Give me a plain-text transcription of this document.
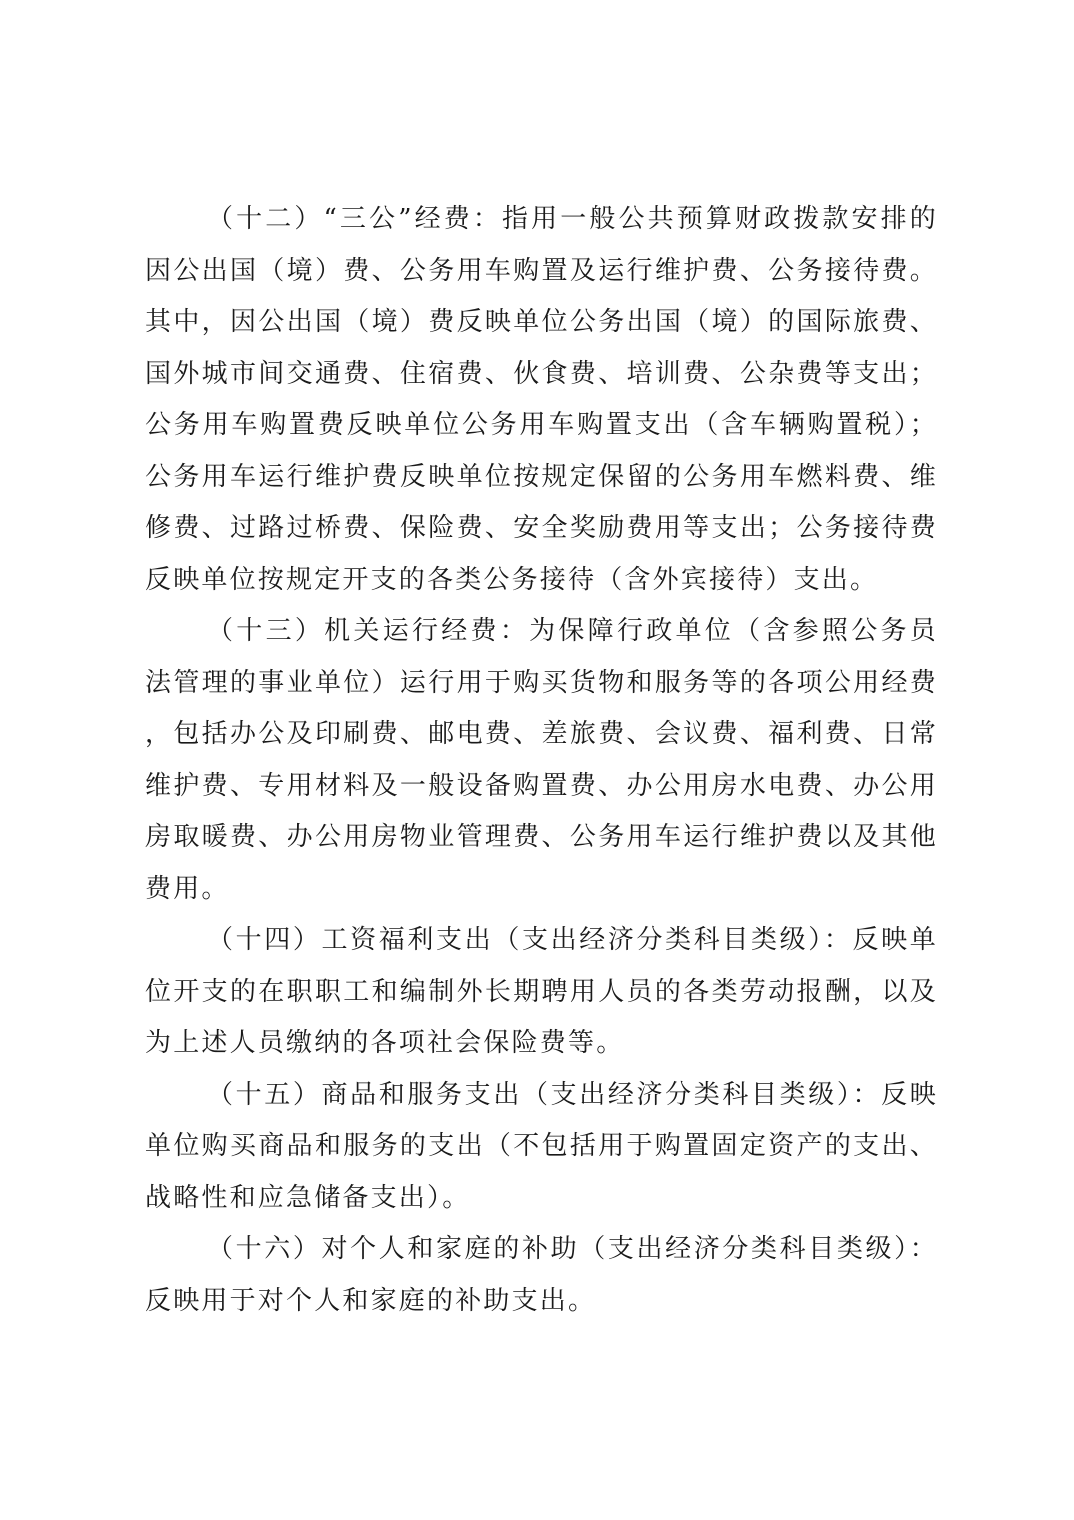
（十二）“三公”经费：指用一般公共预算财政拨款安排的因公出国（境）费、公务用车购置及运行维护费、公务接待费。其中，因公出国（境）费反映单位公务出国（境）的国际旅费、国外城市间交通费、住宿费、伙食费、培训费、公杂费等支出；公务用车购置费反映单位公务用车购置支出（含车辆购置税）；公务用车运行维护费反映单位按规定保留的公务用车燃料费、维修费、过路过桥费、保险费、安全奖励费用等支出；公务接待费反映单位按规定开支的各类公务接待（含外宾接待）支出。

（十三）机关运行经费：为保障行政单位（含参照公务员法管理的事业单位）运行用于购买货物和服务等的各项公用经费，包括办公及印刷费、邮电费、差旅费、会议费、福利费、日常维护费、专用材料及一般设备购置费、办公用房水电费、办公用房取暖费、办公用房物业管理费、公务用车运行维护费以及其他费用。

（十四）工资福利支出（支出经济分类科目类级）：反映单位开支的在职职工和编制外长期聘用人员的各类劳动报酬，以及为上述人员缴纳的各项社会保险费等。

（十五）商品和服务支出（支出经济分类科目类级）：反映单位购买商品和服务的支出（不包括用于购置固定资产的支出、战略性和应急储备支出）。

（十六）对个人和家庭的补助（支出经济分类科目类级）：反映用于对个人和家庭的补助支出。
